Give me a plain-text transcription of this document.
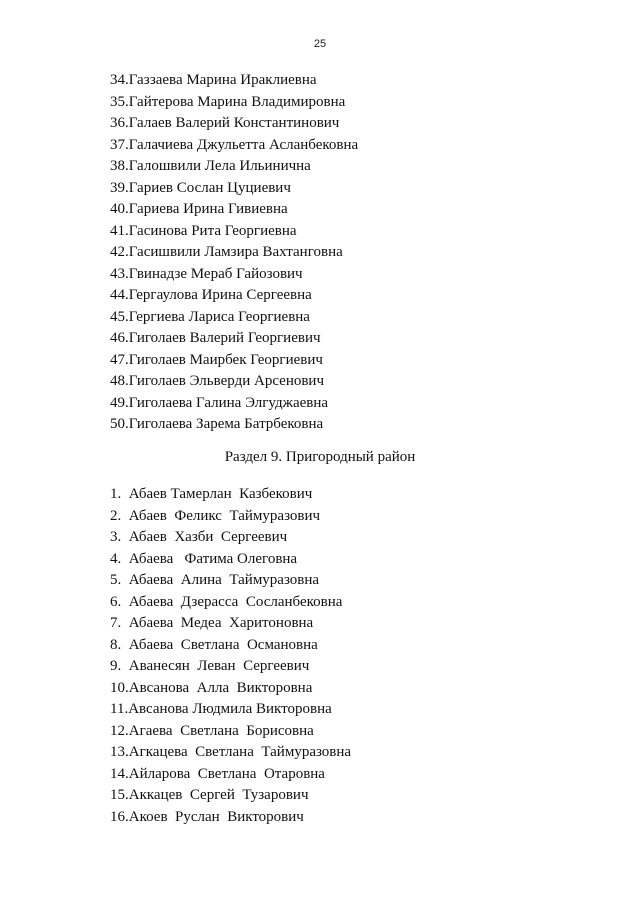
25
34.Газзаева Марина Ираклиевна
35.Гайтерова Марина Владимировна
36.Галаев Валерий Константинович
37.Галачиева Джульетта Асланбековна
38.Галошвили Лела Ильинична
39.Гариев Сослан Цуциевич
40.Гариева Ирина Гивиевна
41.Гасинова Рита Георгиевна
42.Гасишвили Ламзира Вахтанговна
43.Гвинадзе Мераб Гайозович
44.Гергаулова Ирина Сергеевна
45.Гергиева Лариса Георгиевна
46.Гиголаев Валерий Георгиевич
47.Гиголаев Маирбек Георгиевич
48.Гиголаев Эльверди Арсенович
49.Гиголаева Галина Элгуджаевна
50.Гиголаева Зарема Батрбековна
Раздел 9. Пригородный район
1.  Абаев Тамерлан  Казбекович
2.  Абаев  Феликс  Таймуразович
3.  Абаев  Хазби  Сергеевич
4.  Абаева   Фатима Олеговна
5.  Абаева  Алина  Таймуразовна
6.  Абаева  Дзерасса  Сосланбековна
7.  Абаева  Медеа  Харитоновна
8.  Абаева  Светлана  Османовна
9.  Аванесян  Леван  Сергеевич
10.Авсанова  Алла  Викторовна
11.Авсанова Людмила Викторовна
12.Агаева  Светлана  Борисовна
13.Агкацева  Светлана  Таймуразовна
14.Айларова  Светлана  Отаровна
15.Аккацев  Сергей  Тузарович
16.Акоев  Руслан  Викторович
